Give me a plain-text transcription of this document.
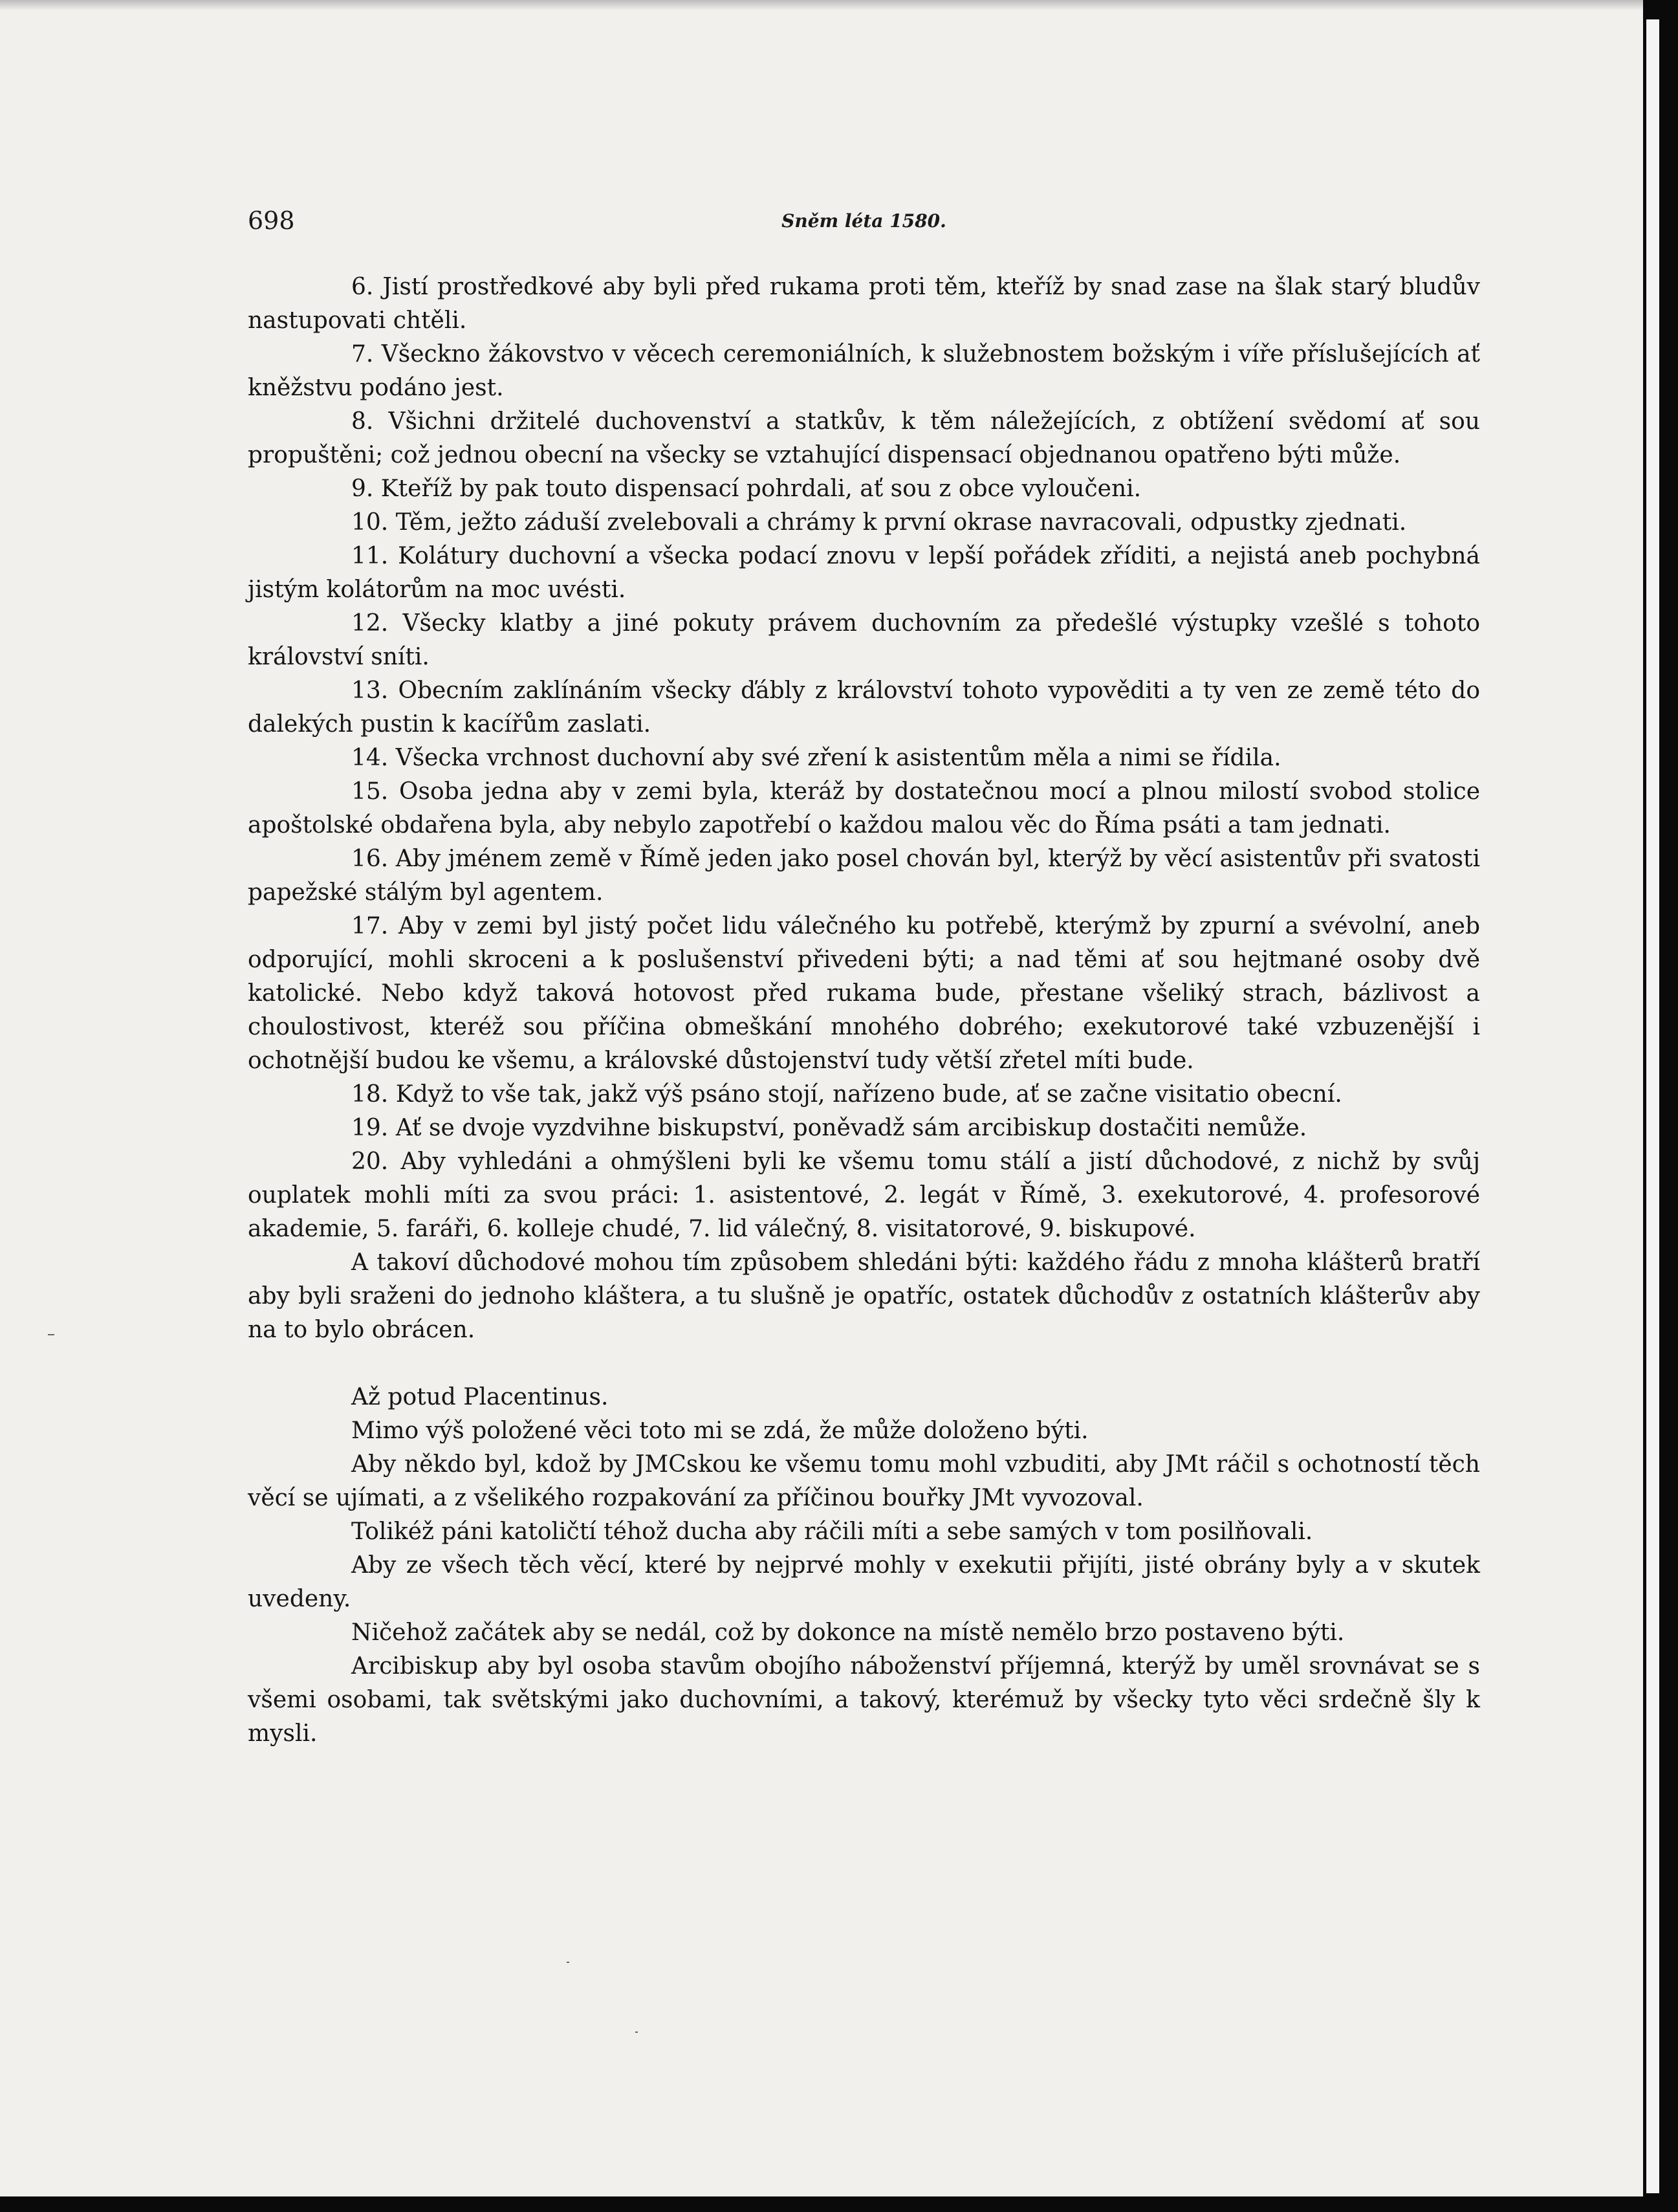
698	Sněm léta 1580.

6. Jistí prostředkové aby byli před rukama proti těm, kteříž by snad zase na šlak starý bludův nastupovati chtěli.

7. Všeckno žákovstvo v věcech ceremoniálních, k služebnostem božským i víře příslušejících ať kněžstvu podáno jest.

8. Všichni držitelé duchovenství a statkův, k těm náležejících, z obtížení svědomí ať sou propuštěni; což jednou obecní na všecky se vztahující dispensací objednanou opatřeno býti může.

9. Kteříž by pak touto dispensací pohrdali, ať sou z obce vyloučeni.

10. Těm, ježto záduší zvelebovali a chrámy k první okrase navracovali, odpustky zjednati.

11. Kolátury duchovní a všecka podací znovu v lepší pořádek zříditi, a nejistá aneb pochybná jistým kolátorům na moc uvésti.

12. Všecky klatby a jiné pokuty právem duchovním za předešlé výstupky vzešlé s tohoto království sníti.

13. Obecním zaklínáním všecky ďábly z království tohoto vypověditi a ty ven ze země této do dalekých pustin k kacířům zaslati.

14. Všecka vrchnost duchovní aby své zření k asistentům měla a nimi se řídila.

15. Osoba jedna aby v zemi byla, kteráž by dostatečnou mocí a plnou milostí svobod stolice apoštolské obdařena byla, aby nebylo zapotřebí o každou malou věc do Říma psáti a tam jednati.

16. Aby jménem země v Římě jeden jako posel chován byl, kterýž by věcí asistentův při svatosti papežské stálým byl agentem.

17. Aby v zemi byl jistý počet lidu válečného ku potřebě, kterýmž by zpurní a svévolní, aneb odporující, mohli skroceni a k poslušenství přivedeni býti; a nad těmi ať sou hejtmané osoby dvě katolické. Nebo když taková hotovost před rukama bude, přestane všeliký strach, bázlivost a choulostivost, kteréž sou příčina obmeškání mnohého dobrého; exekutorové také vzbuzenější i ochotnější budou ke všemu, a královské důstojenství tudy větší zřetel míti bude.

18. Když to vše tak, jakž výš psáno stojí, nařízeno bude, ať se začne visitatio obecní.

19. Ať se dvoje vyzdvihne biskupství, poněvadž sám arcibiskup dostačiti nemůže.

20. Aby vyhledáni a ohmýšleni byli ke všemu tomu stálí a jistí důchodové, z nichž by svůj ouplatek mohli míti za svou práci: 1. asistentové, 2. legát v Římě, 3. exekutorové, 4. profesorové akademie, 5. faráři, 6. kolleje chudé, 7. lid válečný, 8. visitatorové, 9. biskupové.

A takoví důchodové mohou tím způsobem shledáni býti: každého řádu z mnoha klášterů bratří aby byli sraženi do jednoho kláštera, a tu slušně je opatříc, ostatek důchodův z ostatních klášterův aby na to bylo obrácen.

Až potud Placentinus.

Mimo výš položené věci toto mi se zdá, že může doloženo býti.

Aby někdo byl, kdož by JMCskou ke všemu tomu mohl vzbuditi, aby JMt ráčil s ochotností těch věcí se ujímati, a z všelikého rozpakování za příčinou bouřky JMt vyvozoval.

Tolikéž páni katoličtí téhož ducha aby ráčili míti a sebe samých v tom posilňovali.

Aby ze všech těch věcí, které by nejprvé mohly v exekutii přijíti, jisté obrány byly a v skutek uvedeny.

Ničehož začátek aby se nedál, což by dokonce na místě nemělo brzo postaveno býti.

Arcibiskup aby byl osoba stavům obojího náboženství příjemná, kterýž by uměl srovnávat se s všemi osobami, tak světskými jako duchovními, a takový, kterémuž by všecky tyto věci srdečně šly k mysli.
